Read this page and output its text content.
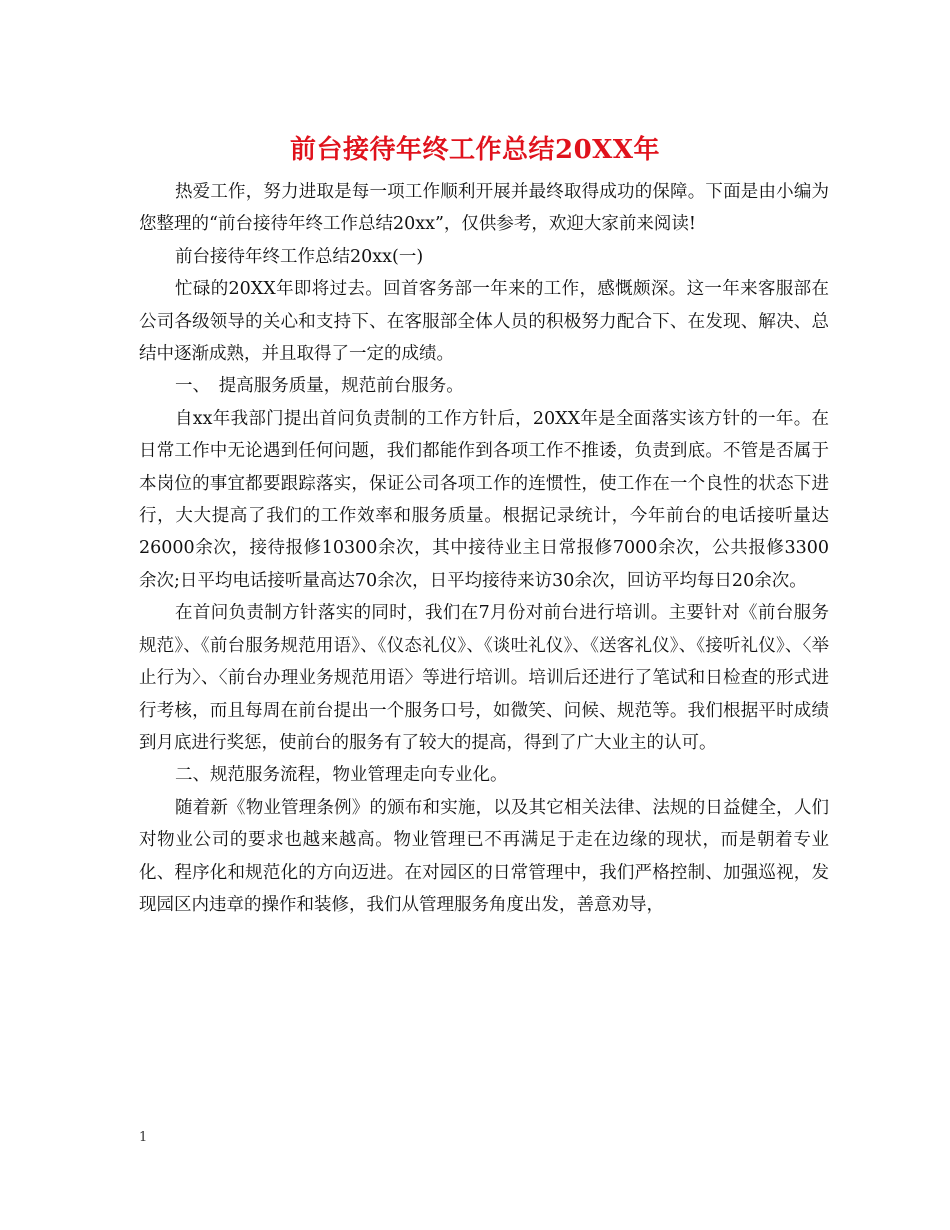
前台接待年终工作总结20XX年

热爱工作，努力进取是每一项工作顺利开展并最终取得成功的保障。下面是由小编为您整理的“前台接待年终工作总结20xx”，仅供参考，欢迎大家前来阅读!

前台接待年终工作总结20xx(一)

忙碌的20XX年即将过去。回首客务部一年来的工作，感慨颇深。这一年来客服部在公司各级领导的关心和支持下、在客服部全体人员的积极努力配合下、在发现、解决、总结中逐渐成熟，并且取得了一定的成绩。

一、　提高服务质量，规范前台服务。

自xx年我部门提出首问负责制的工作方针后，20XX年是全面落实该方针的一年。在日常工作中无论遇到任何问题，我们都能作到各项工作不推诿，负责到底。不管是否属于本岗位的事宜都要跟踪落实，保证公司各项工作的连惯性，使工作在一个良性的状态下进行，大大提高了我们的工作效率和服务质量。根据记录统计，今年前台的电话接听量达26000余次，接待报修10300余次，其中接待业主日常报修7000余次，公共报修3300余次;日平均电话接听量高达70余次，日平均接待来访30余次，回访平均每日20余次。

在首问负责制方针落实的同时，我们在7月份对前台进行培训。主要针对《前台服务规范》、《前台服务规范用语》、《仪态礼仪》、《谈吐礼仪》、《送客礼仪》、《接听礼仪》、〈举止行为〉、〈前台办理业务规范用语〉等进行培训。培训后还进行了笔试和日检查的形式进行考核，而且每周在前台提出一个服务口号，如微笑、问候、规范等。我们根据平时成绩到月底进行奖惩，使前台的服务有了较大的提高，得到了广大业主的认可。

二、规范服务流程，物业管理走向专业化。

随着新《物业管理条例》的颁布和实施，以及其它相关法律、法规的日益健全，人们对物业公司的要求也越来越高。物业管理已不再满足于走在边缘的现状，而是朝着专业化、程序化和规范化的方向迈进。在对园区的日常管理中，我们严格控制、加强巡视，发现园区内违章的操作和装修，我们从管理服务角度出发，善意劝导，

1
